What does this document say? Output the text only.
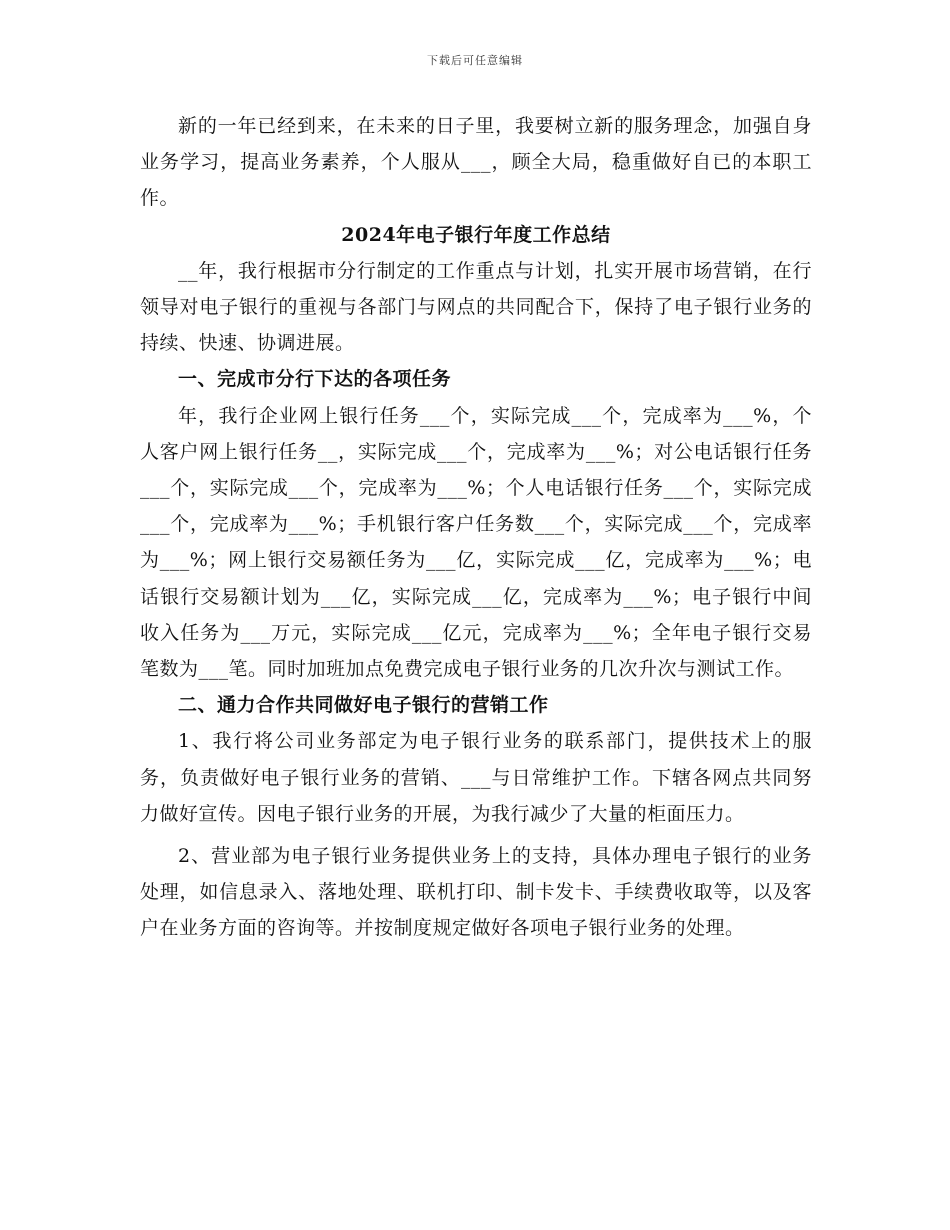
下载后可任意编辑

新的一年已经到来，在未来的日子里，我要树立新的服务理念，加强自身业务学习，提高业务素养，个人服从___，顾全大局，稳重做好自已的本职工作。

2024年电子银行年度工作总结

__年，我行根据市分行制定的工作重点与计划，扎实开展市场营销，在行领导对电子银行的重视与各部门与网点的共同配合下，保持了电子银行业务的持续、快速、协调进展。

一、完成市分行下达的各项任务

年，我行企业网上银行任务___个，实际完成___个，完成率为___%，个人客户网上银行任务__，实际完成___个，完成率为___%；对公电话银行任务___个，实际完成___个，完成率为___%；个人电话银行任务___个，实际完成___个，完成率为___%；手机银行客户任务数___个，实际完成___个，完成率为___%；网上银行交易额任务为___亿，实际完成___亿，完成率为___%；电话银行交易额计划为___亿，实际完成___亿，完成率为___%；电子银行中间收入任务为___万元，实际完成___亿元，完成率为___%；全年电子银行交易笔数为___笔。同时加班加点免费完成电子银行业务的几次升次与测试工作。

二、通力合作共同做好电子银行的营销工作

1、我行将公司业务部定为电子银行业务的联系部门，提供技术上的服务，负责做好电子银行业务的营销、___与日常维护工作。下辖各网点共同努力做好宣传。因电子银行业务的开展，为我行减少了大量的柜面压力。

2、营业部为电子银行业务提供业务上的支持，具体办理电子银行的业务处理，如信息录入、落地处理、联机打印、制卡发卡、手续费收取等，以及客户在业务方面的咨询等。并按制度规定做好各项电子银行业务的处理。
